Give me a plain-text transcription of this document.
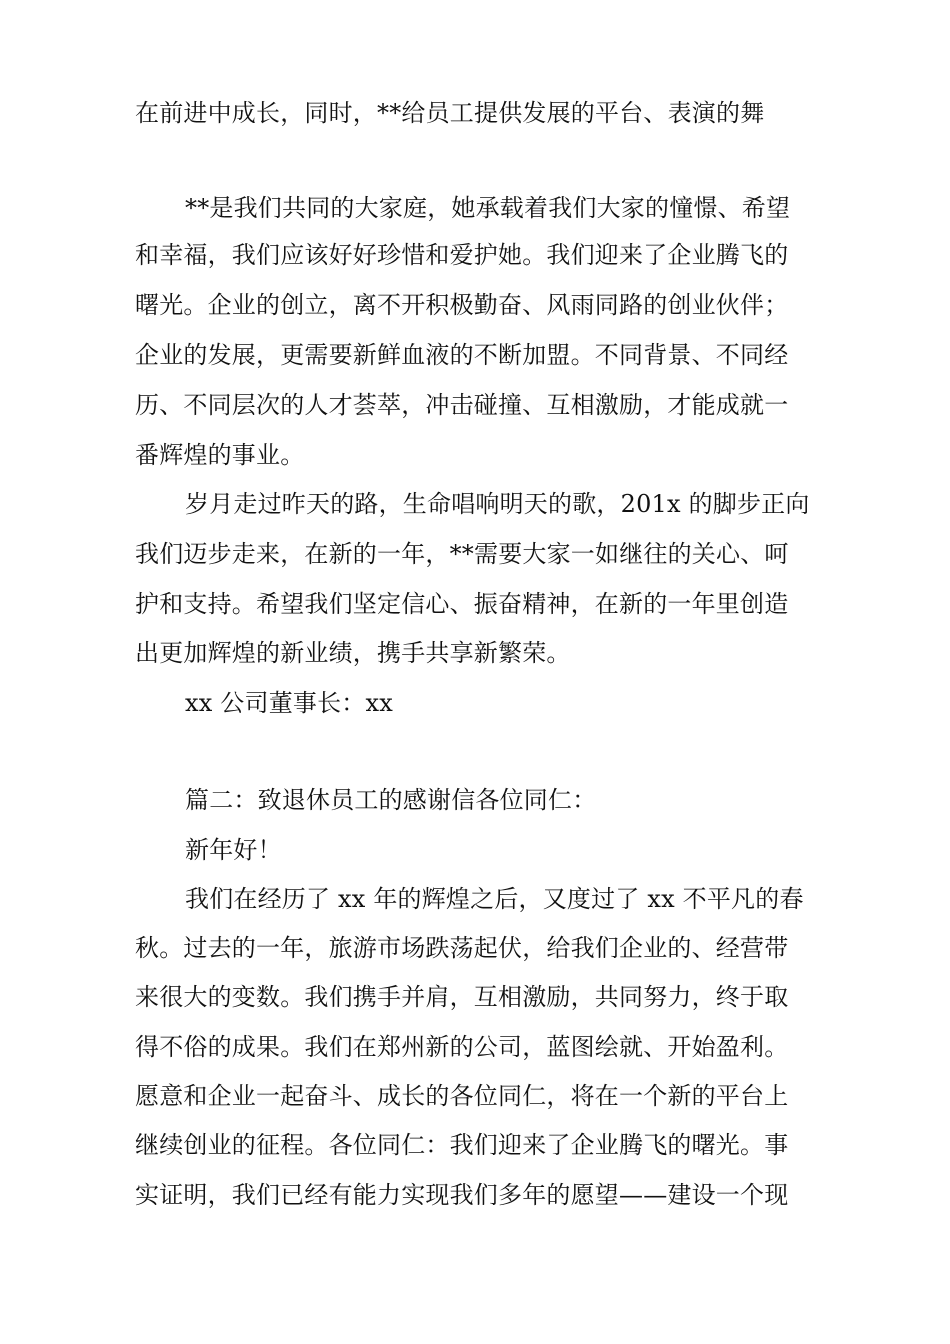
在前进中成长，同时，**给员工提供发展的平台、表演的舞
**是我们共同的大家庭，她承载着我们大家的憧憬、希望
和幸福，我们应该好好珍惜和爱护她。我们迎来了企业腾飞的
曙光。企业的创立，离不开积极勤奋、风雨同路的创业伙伴；
企业的发展，更需要新鲜血液的不断加盟。不同背景、不同经
历、不同层次的人才荟萃，冲击碰撞、互相激励，才能成就一
番辉煌的事业。
岁月走过昨天的路，生命唱响明天的歌，201x 的脚步正向
我们迈步走来，在新的一年，**需要大家一如继往的关心、呵
护和支持。希望我们坚定信心、振奋精神，在新的一年里创造
出更加辉煌的新业绩，携手共享新繁荣。
xx 公司董事长：xx
篇二：致退休员工的感谢信各位同仁：
新年好！
我们在经历了 xx 年的辉煌之后，又度过了 xx 不平凡的春
秋。过去的一年，旅游市场跌荡起伏，给我们企业的、经营带
来很大的变数。我们携手并肩，互相激励，共同努力，终于取
得不俗的成果。我们在郑州新的公司，蓝图绘就、开始盈利。
愿意和企业一起奋斗、成长的各位同仁，将在一个新的平台上
继续创业的征程。各位同仁：我们迎来了企业腾飞的曙光。事
实证明，我们已经有能力实现我们多年的愿望——建设一个现
